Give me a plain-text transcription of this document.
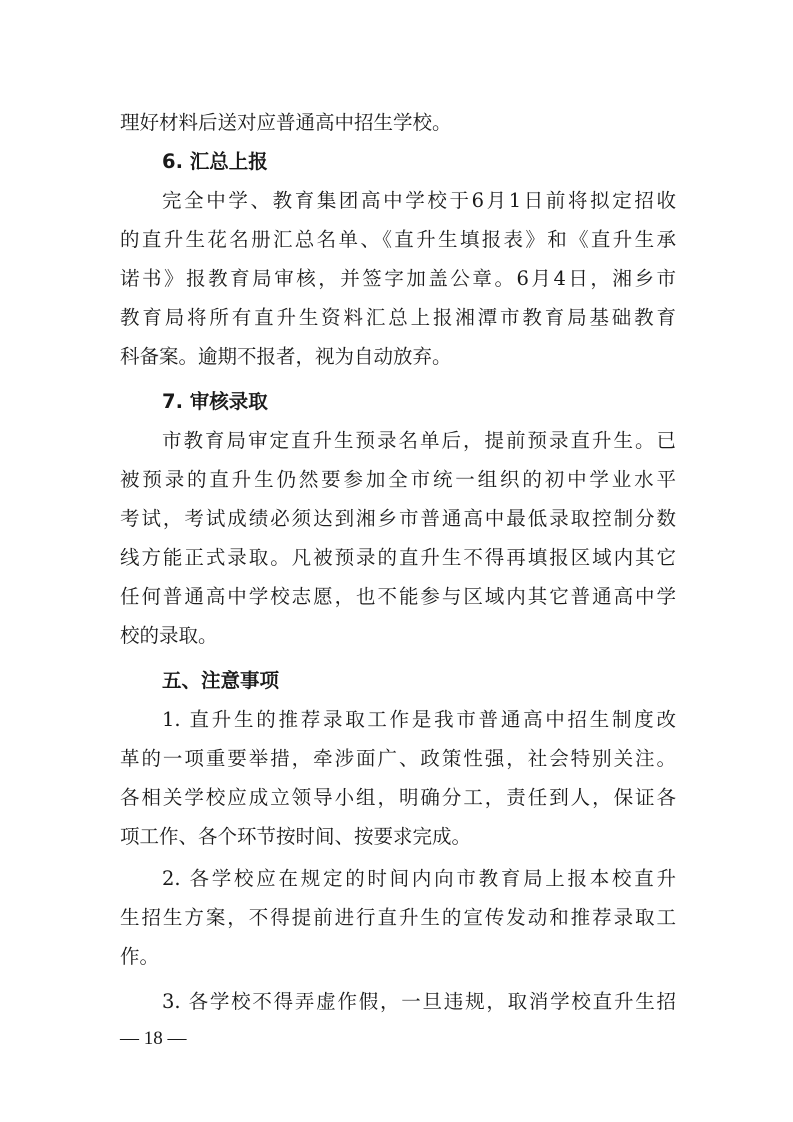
理好材料后送对应普通高中招生学校。
6. 汇总上报
完全中学、教育集团高中学校于6月1日前将拟定招收
的直升生花名册汇总名单、《直升生填报表》和《直升生承
诺书》报教育局审核，并签字加盖公章。6月4日，湘乡市
教育局将所有直升生资料汇总上报湘潭市教育局基础教育
科备案。逾期不报者，视为自动放弃。
7. 审核录取
市教育局审定直升生预录名单后，提前预录直升生。已
被预录的直升生仍然要参加全市统一组织的初中学业水平
考试，考试成绩必须达到湘乡市普通高中最低录取控制分数
线方能正式录取。凡被预录的直升生不得再填报区域内其它
任何普通高中学校志愿，也不能参与区域内其它普通高中学
校的录取。
五、注意事项
1. 直升生的推荐录取工作是我市普通高中招生制度改
革的一项重要举措，牵涉面广、政策性强，社会特别关注。
各相关学校应成立领导小组，明确分工，责任到人，保证各
项工作、各个环节按时间、按要求完成。
2. 各学校应在规定的时间内向市教育局上报本校直升
生招生方案，不得提前进行直升生的宣传发动和推荐录取工
作。
3. 各学校不得弄虚作假，一旦违规，取消学校直升生招
— 18 —
